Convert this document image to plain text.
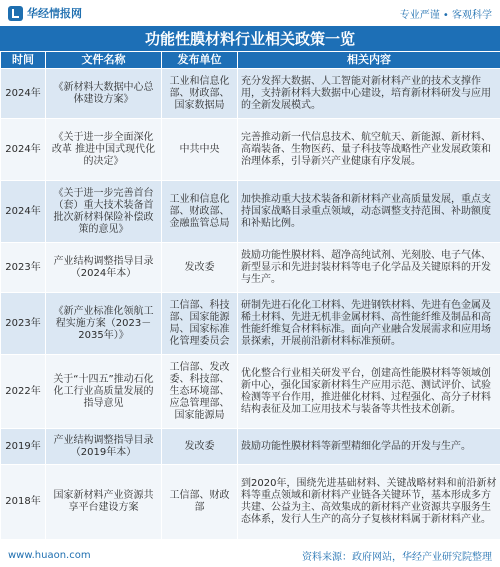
华经情报网	专业严谨 • 客观科学
功能性膜材料行业相关政策一览
时间	文件名称	发布单位	相关内容
2024年	《新材料大数据中心总体建设方案》	工业和信息化部、财政部、国家数据局	充分发挥大数据、人工智能对新材料产业的技术支撑作用，支持新材料大数据中心建设，培育新材料研发与应用的全新发展模式。
2024年	《关于进一步全面深化改革 推进中国式现代化的决定》	中共中央	完善推动新一代信息技术、航空航天、新能源、新材料、高端装备、生物医药、量子科技等战略性产业发展政策和治理体系，引导新兴产业健康有序发展。
2024年	《关于进一步完善首台（套）重大技术装备首批次新材料保险补偿政策的意见》	工业和信息化部、财政部、金融监管总局	加快推动重大技术装备和新材料产业高质量发展，重点支持国家战略目录重点领域，动态调整支持范围、补助额度和补贴比例。
2023年	产业结构调整指导目录（2024年本）	发改委	鼓励功能性膜材料、超净高纯试剂、光刻胶、电子气体、新型显示和先进封装材料等电子化学品及关键原料的开发与生产。
2023年	《新产业标准化领航工程实施方案（2023－2035年）》	工信部、科技部、国家能源局、国家标准化管理委员会	研制先进石化化工材料、先进钢铁材料、先进有色金属及稀土材料、先进无机非金属材料、高性能纤维及制品和高性能纤维复合材料标准。面向产业融合发展需求和应用场景探索，开展前沿新材料标准预研。
2022年	关于“十四五”推动石化化工行业高质量发展的指导意见	工信部、发改委、科技部、生态环境部、应急管理部、国家能源局	优化整合行业相关研发平台，创建高性能膜材料等领域创新中心，强化国家新材料生产应用示范、测试评价、试验检测等平台作用，推进催化材料、过程强化、高分子材料结构表征及加工应用技术与装备等共性技术创新。
2019年	产业结构调整指导目录（2019年本）	发改委	鼓励功能性膜材料等新型精细化学品的开发与生产。
2018年	国家新材料产业资源共享平台建设方案	工信部、财政部	到2020年，围绕先进基础材料、关键战略材料和前沿新材料等重点领域和新材料产业链各关键环节，基本形成多方共建、公益为主、高效集成的新材料产业资源共享服务生态体系，发行人生产的高分子复核材料属于新材料产业。
www.huaon.com	资料来源：政府网站，华经产业研究院整理
